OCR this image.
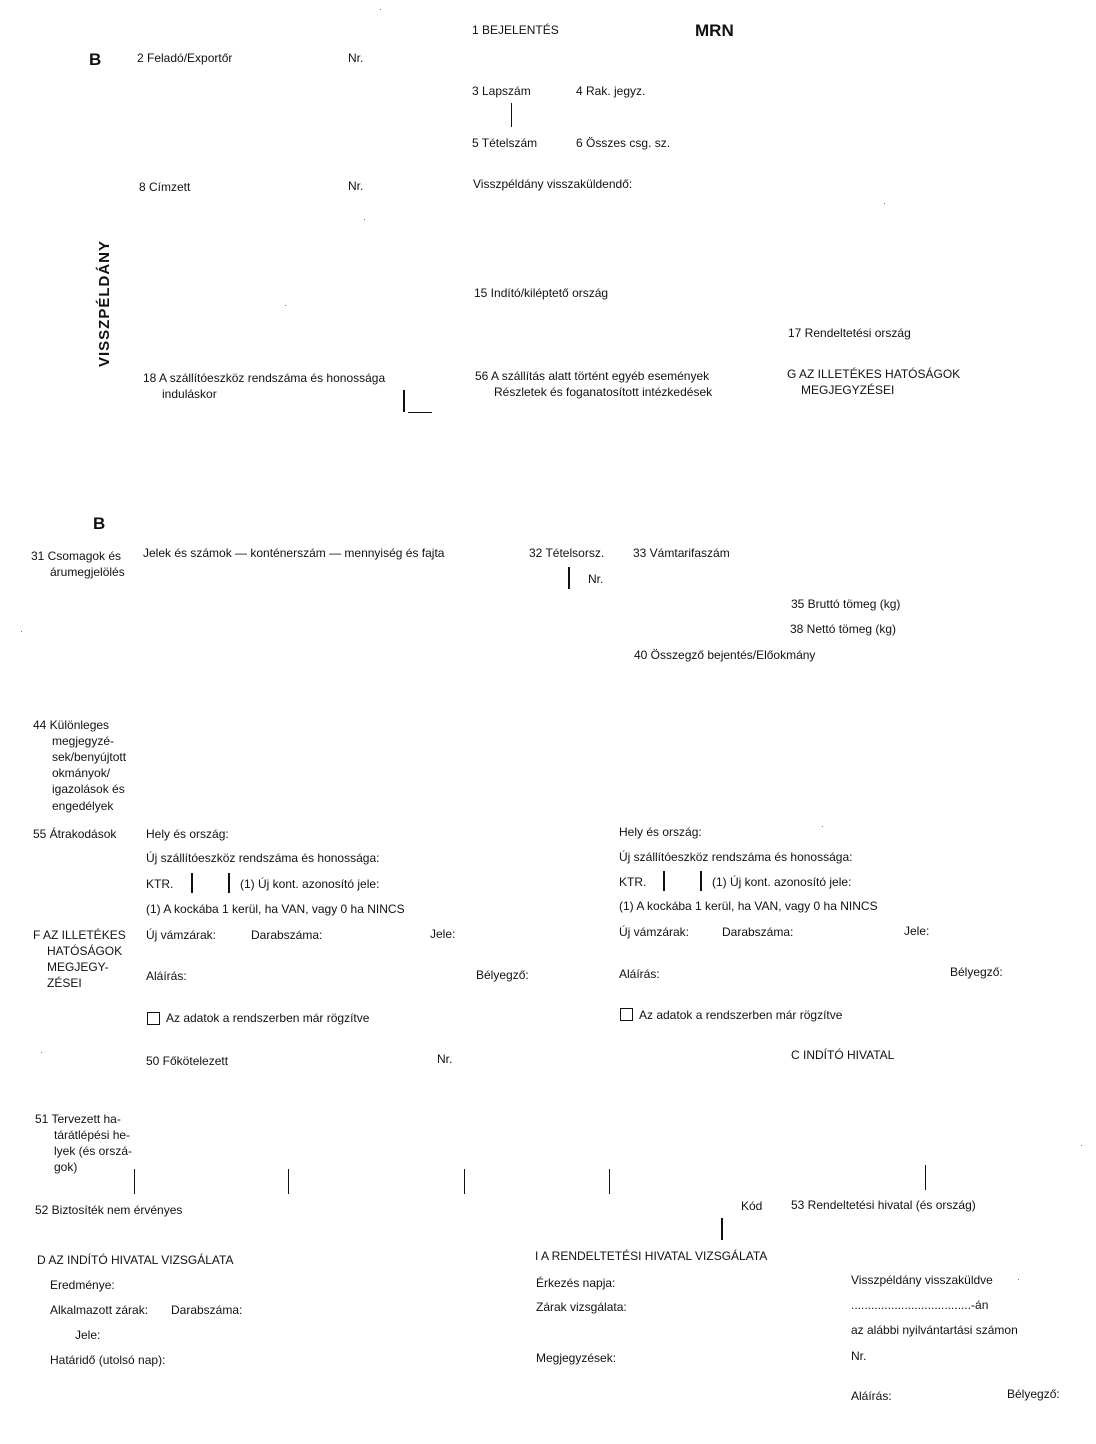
B
1 BEJELENTÉS	MRN
VISSZPÉLDÁNY
2 Feladó/Exportőr	Nr.
3 Lapszám	4 Rak. jegyz.
5 Tételszám	6 Összes csg. sz.
8 Címzett	Nr.	Visszpéldány visszaküldendő:
15 Indító/kiléptető ország
17 Rendeltetési ország
18 A szállítóeszköz rendszáma és honossága
induláskor
56 A szállítás alatt történt egyéb események
Részletek és foganatosított intézkedések
G AZ ILLETÉKES HATÓSÁGOK
MEGJEGYZÉSEI
B
31 Csomagok és
árumegjelölés
Jelek és számok — konténerszám — mennyiség és fajta	32 Tételsorsz.
Nr.
33 Vámtarifaszám
35 Bruttó tömeg (kg)
38 Nettó tömeg (kg)
40 Összegző bejentés/Előokmány
44 Különleges
megjegyzé-
sek/benyújtott
okmányok/
igazolások és
engedélyek
55 Átrakodások Hely és ország:
Új szállítóeszköz rendszáma és honossága:
KTR.	(1) Új kont. azonosító jele:
(1) A kockába 1 kerül, ha VAN, vagy 0 ha NINCS
Új vámzárak:	Darabszáma:	Jele:
Aláírás:	Bélyegző:
Az adatok a rendszerben már rögzítve
Hely és ország:
Új szállítóeszköz rendszáma és honossága:
KTR.	(1) Új kont. azonosító jele:
(1) A kockába 1 kerül, ha VAN, vagy 0 ha NINCS
Új vámzárak:	Darabszáma:	Jele:
Aláírás:	Bélyegző:
Az adatok a rendszerben már rögzítve
F AZ ILLETÉKES
HATÓSÁGOK
MEGJEGY-
ZÉSEI
50 Főkötelezett	Nr.	C INDÍTÓ HIVATAL
51 Tervezett ha-
tárátlépési he-
lyek (és orszá-
gok)
52 Biztosíték nem érvényes	Kód 53 Rendeltetési hivatal (és ország)
D AZ INDÍTÓ HIVATAL VIZSGÁLATA
Eredménye:
Alkalmazott zárak: Darabszáma:
Jele:
Határidő (utolsó nap):
I A RENDELTETÉSI HIVATAL VIZSGÁLATA
Érkezés napja:
Zárak vizsgálata:
Megjegyzések:
Visszpéldány visszaküldve
....................................-án
az alábbi nyilvántartási számon
Nr.
Aláírás:	Bélyegző:
